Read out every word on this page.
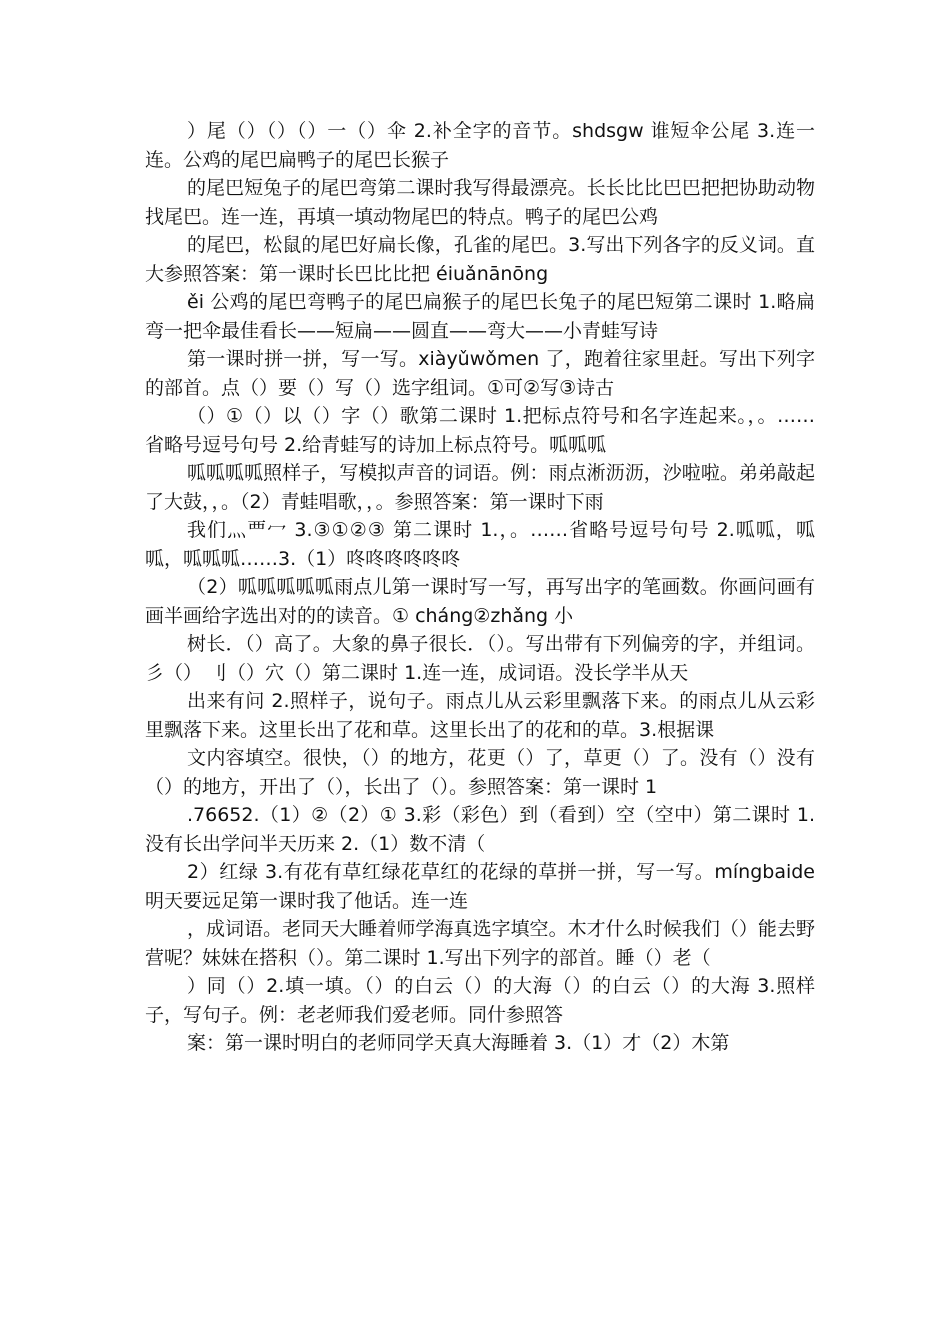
）尾（）（）（）一（）伞 2.补全字的音节。shdsgw 谁短伞公尾 3.连一连。公鸡的尾巴扁鸭子的尾巴长猴子

的尾巴短兔子的尾巴弯第二课时我写得最漂亮。长长比比巴巴把把协助动物找尾巴。连一连，再填一填动物尾巴的特点。鸭子的尾巴公鸡

的尾巴，松鼠的尾巴好扁长像，孔雀的尾巴。3.写出下列各字的反义词。直大参照答案：第一课时长巴比比把 éiuǎnānōng

ěi 公鸡的尾巴弯鸭子的尾巴扁猴子的尾巴长兔子的尾巴短第二课时 1.略扁弯一把伞最佳看长——短扁——圆直——弯大——小青蛙写诗

第一课时拼一拼，写一写。xiàyǔwǒmen 了，跑着往家里赶。写出下列字的部首。点（）要（）写（）选字组词。①可②写③诗古

（）①（）以（）字（）歌第二课时 1.把标点符号和名字连起来。，。……省略号逗号句号 2.给青蛙写的诗加上标点符号。呱呱呱

呱呱呱呱照样子，写模拟声音的词语。例：雨点淅沥沥，沙啦啦。弟弟敲起了大鼓，，。（2）青蛙唱歌，，。参照答案：第一课时下雨

我们灬覀冖 3.③①②③ 第二课时 1.，。……省略号逗号句号 2.呱呱，呱呱，呱呱呱……3.（1）咚咚咚咚咚咚

（2）呱呱呱呱呱雨点儿第一课时写一写，再写出字的笔画数。你画问画有画半画给字选出对的的读音。① cháng②zhǎng 小

树长．（）高了。大象的鼻子很长．（）。写出带有下列偏旁的字，并组词。彡（） 刂（）穴（）第二课时 1.连一连，成词语。没长学半从天

出来有问 2.照样子，说句子。雨点儿从云彩里飘落下来。的雨点儿从云彩里飘落下来。这里长出了花和草。这里长出了的花和的草。3.根据课

文内容填空。很快，（）的地方，花更（）了，草更（）了。没有（）没有（）的地方，开出了（），长出了（）。参照答案：第一课时 1

.76652.（1）②（2）① 3.彩（彩色）到（看到）空（空中）第二课时 1.没有长出学问半天历来 2.（1）数不清（

2）红绿 3.有花有草红绿花草红的花绿的草拼一拼，写一写。míngbaide 明天要远足第一课时我了他话。连一连

，成词语。老同天大睡着师学海真选字填空。木才什么时候我们（）能去野营呢？妹妹在搭积（）。第二课时 1.写出下列字的部首。睡（）老（

）同（）2.填一填。（）的白云（）的大海（）的白云（）的大海 3.照样子，写句子。例：老老师我们爱老师。同什参照答

案：第一课时明白的老师同学天真大海睡着 3.（1）才（2）木第
